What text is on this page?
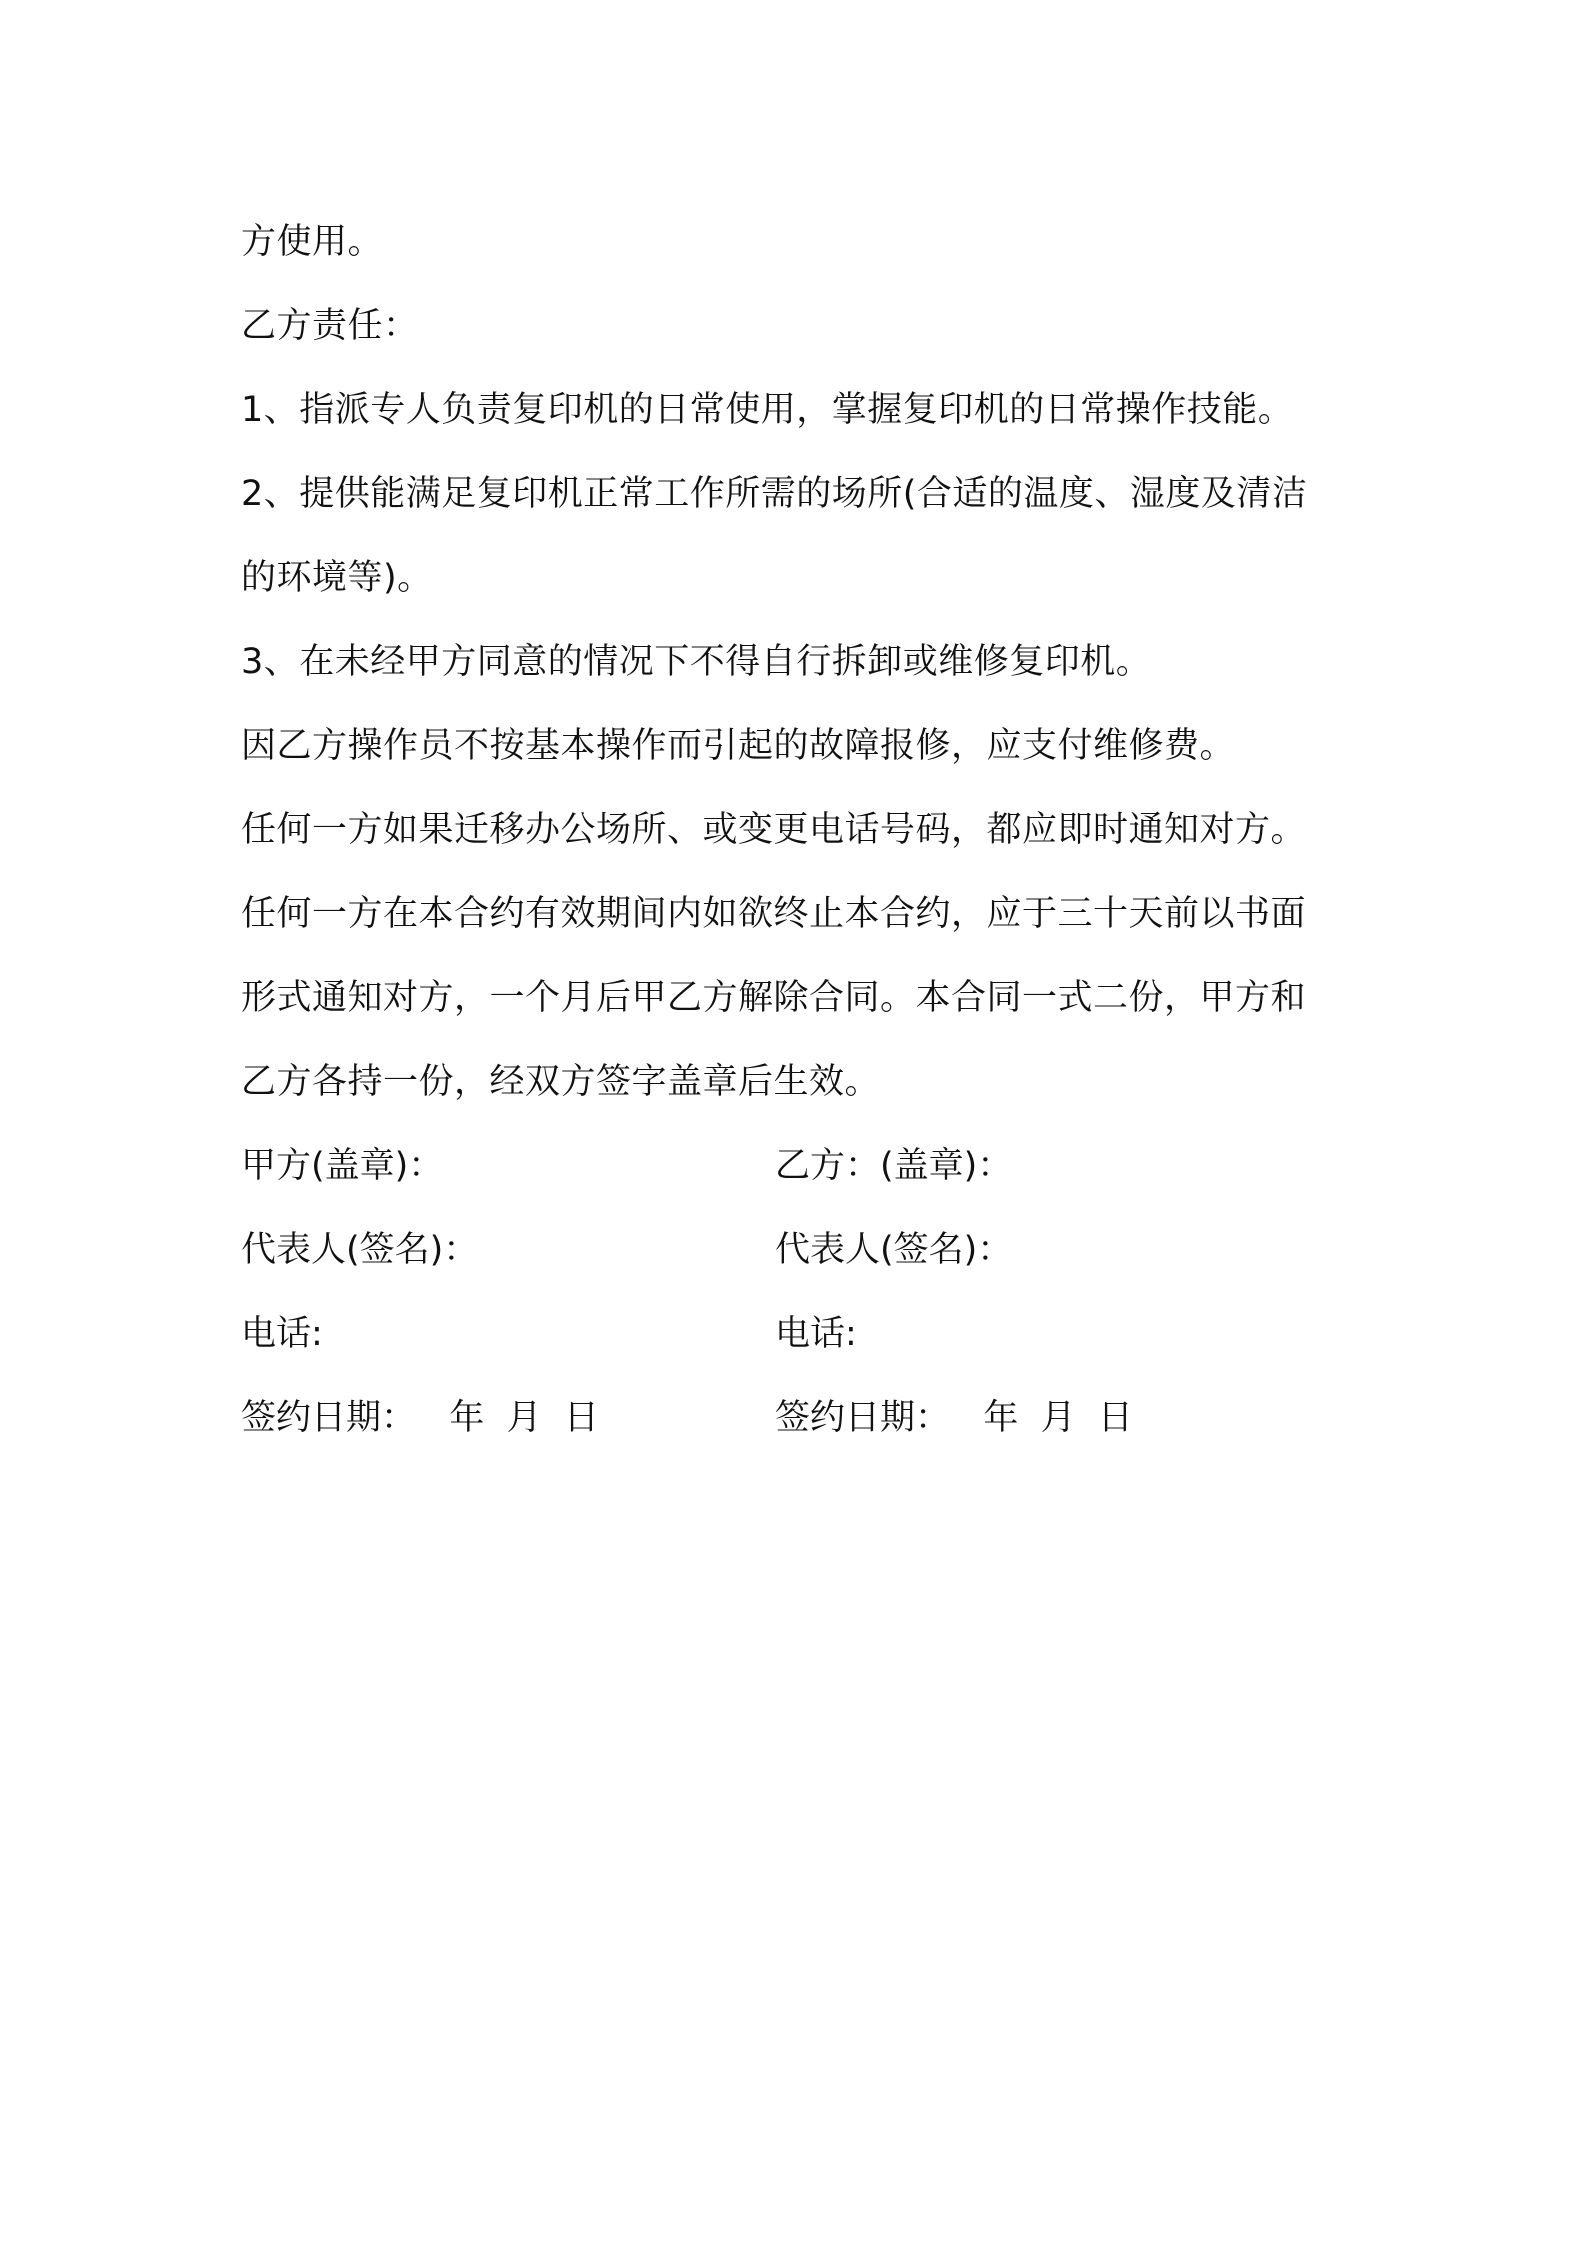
方使用。

乙方责任：

1、指派专人负责复印机的日常使用，掌握复印机的日常操作技能。

2、提供能满足复印机正常工作所需的场所(合适的温度、湿度及清洁

的环境等)。

3、在未经甲方同意的情况下不得自行拆卸或维修复印机。

因乙方操作员不按基本操作而引起的故障报修，应支付维修费。

任何一方如果迁移办公场所、或变更电话号码，都应即时通知对方。

任何一方在本合约有效期间内如欲终止本合约，应于三十天前以书面

形式通知对方，一个月后甲乙方解除合同。本合同一式二份，甲方和

乙方各持一份，经双方签字盖章后生效。

甲方(盖章)：	乙方：(盖章)：
代表人(签名)：	代表人(签名)：
电话:	电话:
签约日期：   年  月  日	签约日期：   年  月  日
